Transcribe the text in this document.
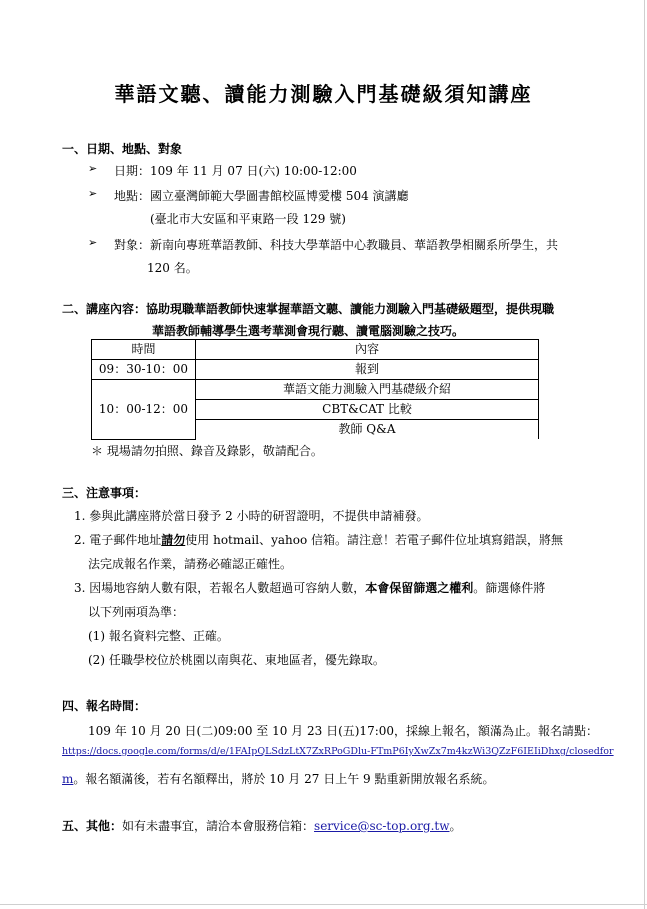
華語文聽、讀能力測驗入門基礎級須知講座
一、日期、地點、對象
➢ 日期：109 年 11 月 07 日(六) 10:00-12:00
➢ 地點：國立臺灣師範大學圖書館校區博愛樓 504 演講廳
(臺北市大安區和平東路一段 129 號)
➢ 對象：新南向專班華語教師、科技大學華語中心教職員、華語教學相關系所學生，共
120 名。
二、講座內容：協助現職華語教師快速掌握華語文聽、讀能力測驗入門基礎級題型，提供現職
華語教師輔導學生選考華測會現行聽、讀電腦測驗之技巧。
時間	內容
09：30-10：00	報到
10：00-12：00	華語文能力測驗入門基礎級介紹
	CBT&CAT 比較
	教師 Q&A
＊ 現場請勿拍照、錄音及錄影，敬請配合。
三、注意事項：
1. 參與此講座將於當日發予 2 小時的研習證明，不提供申請補發。
2. 電子郵件地址請勿使用 hotmail、yahoo 信箱。請注意！若電子郵件位址填寫錯誤，將無
法完成報名作業，請務必確認正確性。
3. 因場地容納人數有限，若報名人數超過可容納人數，本會保留篩選之權利。篩選條件將
以下列兩項為準：
(1) 報名資料完整、正確。
(2) 任職學校位於桃園以南與花、東地區者，優先錄取。
四、報名時間：
109 年 10 月 20 日(二)09:00 至 10 月 23 日(五)17:00，採線上報名，額滿為止。報名請點：
https://docs.google.com/forms/d/e/1FAIpQLSdzLtX7ZxRPoGDlu-FTmP6IyXwZx7m4kzWi3QZzF6IEIiDhxg/closedfor
m。報名額滿後，若有名額釋出，將於 10 月 27 日上午 9 點重新開放報名系統。
五、其他：如有未盡事宜，請洽本會服務信箱：service@sc-top.org.tw。
